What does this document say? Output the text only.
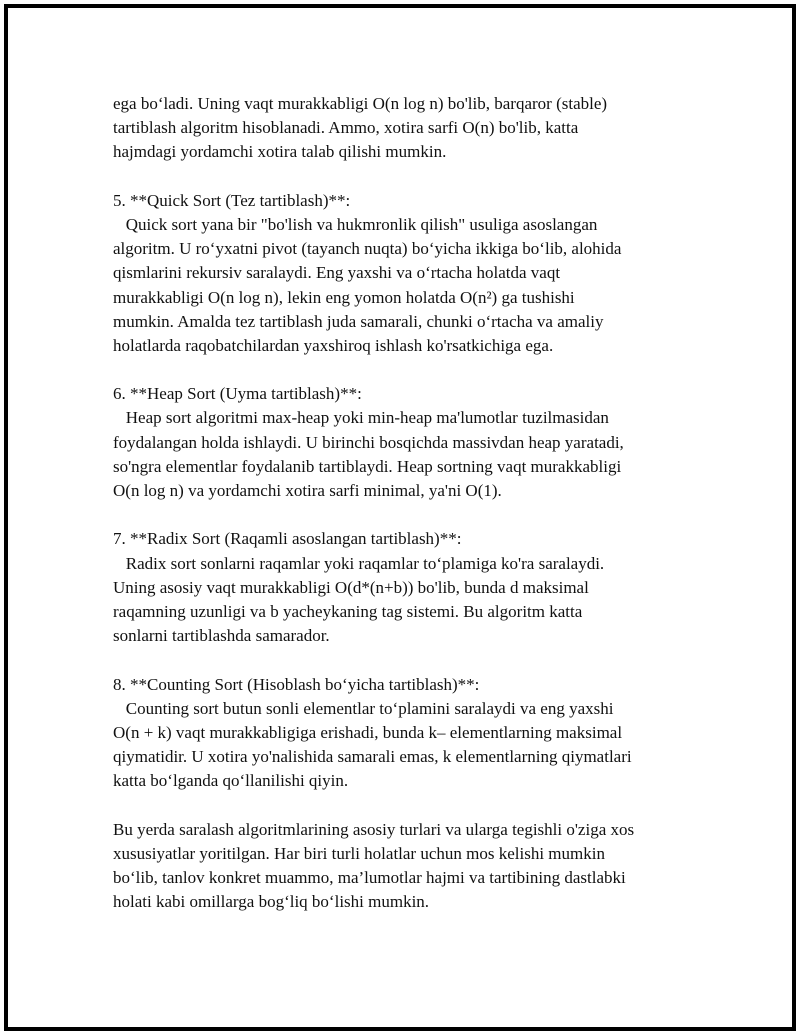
ega bo‘ladi. Uning vaqt murakkabligi O(n log n) bo'lib, barqaror (stable)
tartiblash algoritm hisoblanadi. Ammo, xotira sarfi O(n) bo'lib, katta
hajmdagi yordamchi xotira talab qilishi mumkin.
5. **Quick Sort (Tez tartiblash)**:
Quick sort yana bir "bo'lish va hukmronlik qilish" usuliga asoslangan
algoritm. U ro‘yxatni pivot (tayanch nuqta) bo‘yicha ikkiga bo‘lib, alohida
qismlarini rekursiv saralaydi. Eng yaxshi va o‘rtacha holatda vaqt
murakkabligi O(n log n), lekin eng yomon holatda O(n²) ga tushishi
mumkin. Amalda tez tartiblash juda samarali, chunki o‘rtacha va amaliy
holatlarda raqobatchilardan yaxshiroq ishlash ko'rsatkichiga ega.
6. **Heap Sort (Uyma tartiblash)**:
Heap sort algoritmi max-heap yoki min-heap ma'lumotlar tuzilmasidan
foydalangan holda ishlaydi. U birinchi bosqichda massivdan heap yaratadi,
so'ngra elementlar foydalanib tartiblaydi. Heap sortning vaqt murakkabligi
O(n log n) va yordamchi xotira sarfi minimal, ya'ni O(1).
7. **Radix Sort (Raqamli asoslangan tartiblash)**:
Radix sort sonlarni raqamlar yoki raqamlar to‘plamiga ko'ra saralaydi.
Uning asosiy vaqt murakkabligi O(d*(n+b)) bo'lib, bunda d maksimal
raqamning uzunligi va b yacheykaning tag sistemi. Bu algoritm katta
sonlarni tartiblashda samarador.
8. **Counting Sort (Hisoblash bo‘yicha tartiblash)**:
Counting sort butun sonli elementlar to‘plamini saralaydi va eng yaxshi
O(n + k) vaqt murakkabligiga erishadi, bunda k– elementlarning maksimal
qiymatidir. U xotira yo'nalishida samarali emas, k elementlarning qiymatlari
katta bo‘lganda qo‘llanilishi qiyin.
Bu yerda saralash algoritmlarining asosiy turlari va ularga tegishli o'ziga xos
xususiyatlar yoritilgan. Har biri turli holatlar uchun mos kelishi mumkin
bo‘lib, tanlov konkret muammo, ma’lumotlar hajmi va tartibining dastlabki
holati kabi omillarga bog‘liq bo‘lishi mumkin.
